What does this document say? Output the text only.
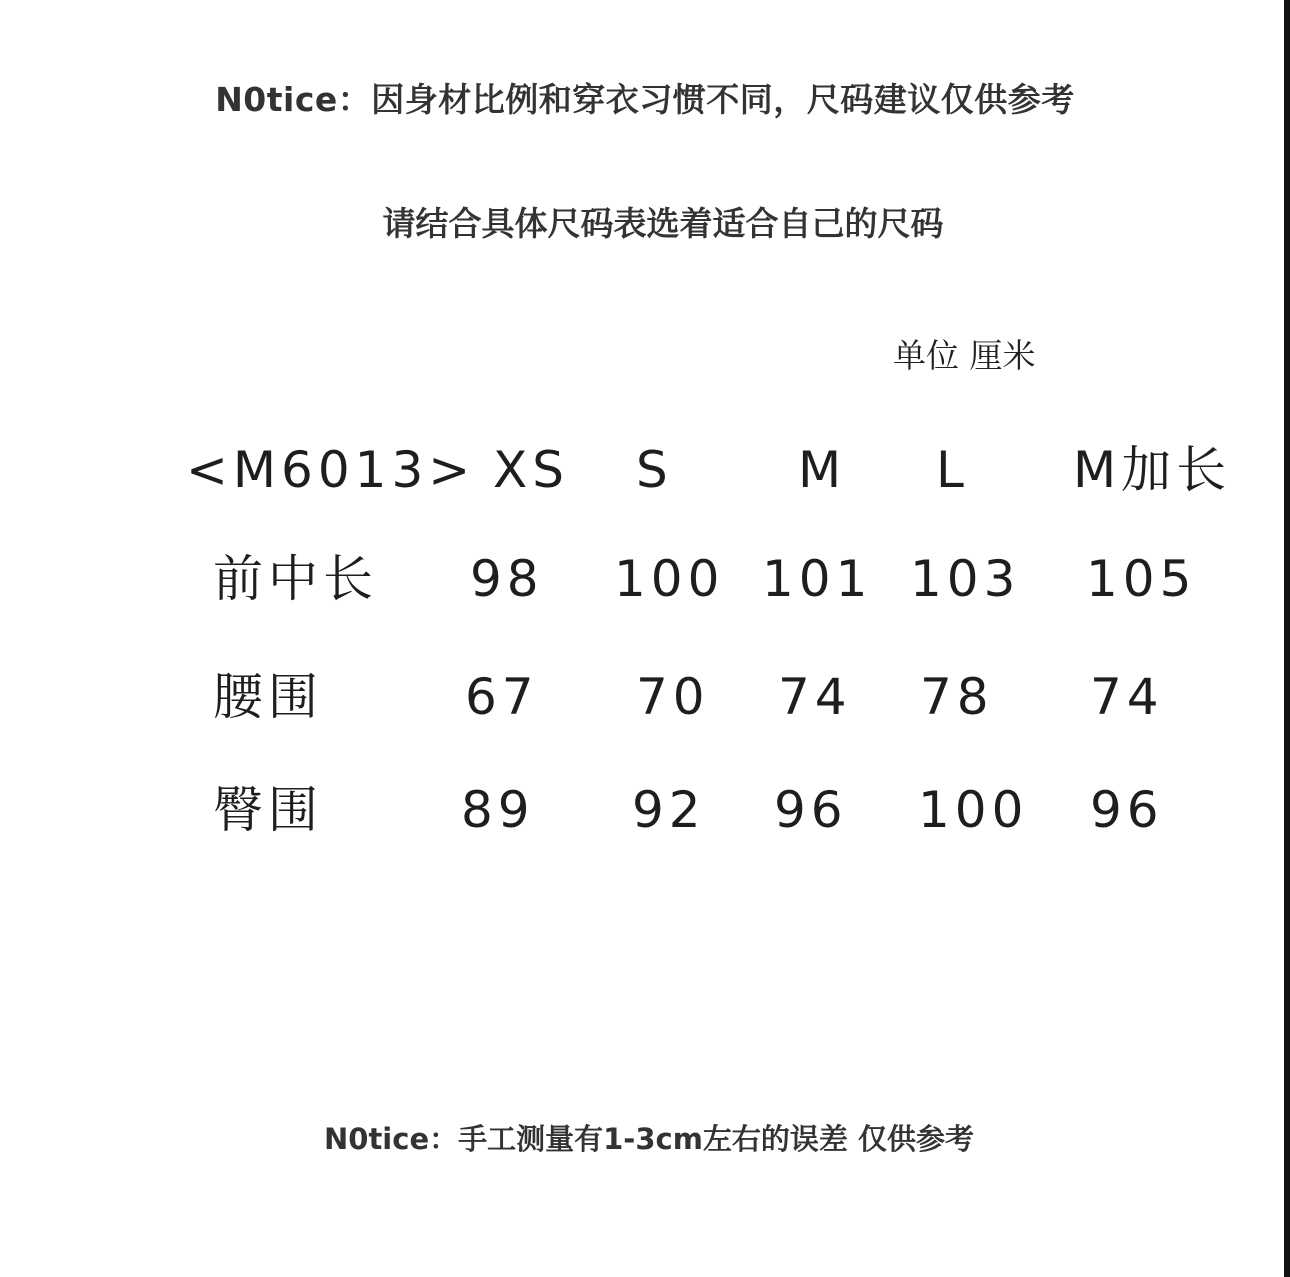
N0tice：因身材比例和穿衣习惯不同，尺码建议仅供参考
请结合具体尺码表选着适合自己的尺码
单位 厘米
<M6013> XS S	M L M加长
前中长 98 100 101 103 105
腰围	67 70 74 78 74
臀围	89 92 96 100 96
N0tice：手工测量有1-3cm左右的误差 仅供参考
